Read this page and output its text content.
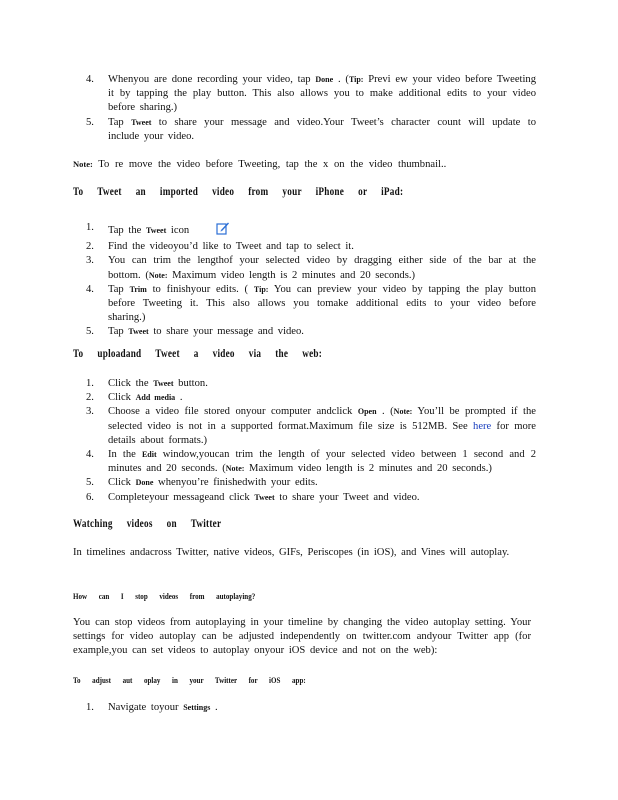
4. Whenyou are done recording your video, tap Done . (Tip: Previ ew your video before Tweeting it by tapping the play button. This also allows you to make additional edits to your video before sharing.)
5. Tap Tweet to share your message and video.Your Tweet’s character count will update to include your video.
Note: To re move the video before Tweeting, tap the x on the video thumbnail..
To Tweet an imported video from your iPhone or iPad:
1. Tap the Tweet icon
2. Find the videoyou’d like to Tweet and tap to select it.
3. You can trim the lengthof your selected video by dragging either side of the bar at the bottom. (Note: Maximum video length is 2 minutes and 20 seconds.)
4. Tap Trim to finishyour edits. ( Tip: You can preview your video by tapping the play button before Tweeting it. This also allows you tomake additional edits to your video before sharing.)
5. Tap Tweet to share your message and video.
To uploadand Tweet a video via the web:
1. Click the Tweet button.
2. Click Add media .
3. Choose a video file stored onyour computer andclick Open . (Note: You’ll be prompted if the selected video is not in a supported format.Maximum file size is 512MB. See here for more details about formats.)
4. In the Edit window,youcan trim the length of your selected video between 1 second and 2 minutes and 20 seconds. (Note: Maximum video length is 2 minutes and 20 seconds.)
5. Click Done whenyou’re finishedwith your edits.
6. Completeyour messageand click Tweet to share your Tweet and video.
Watching videos on Twitter
In timelines andacross Twitter, native videos, GIFs, Periscopes (in iOS), and Vines will autoplay.
How can I stop videos from autoplaying?
You can stop videos from autoplaying in your timeline by changing the video autoplay setting. Your settings for video autoplay can be adjusted independently on twitter.com andyour Twitter app (for example,you can set videos to autoplay onyour iOS device and not on the web):
To adjust aut oplay in your Twitter for iOS app:
1. Navigate toyour Settings .
